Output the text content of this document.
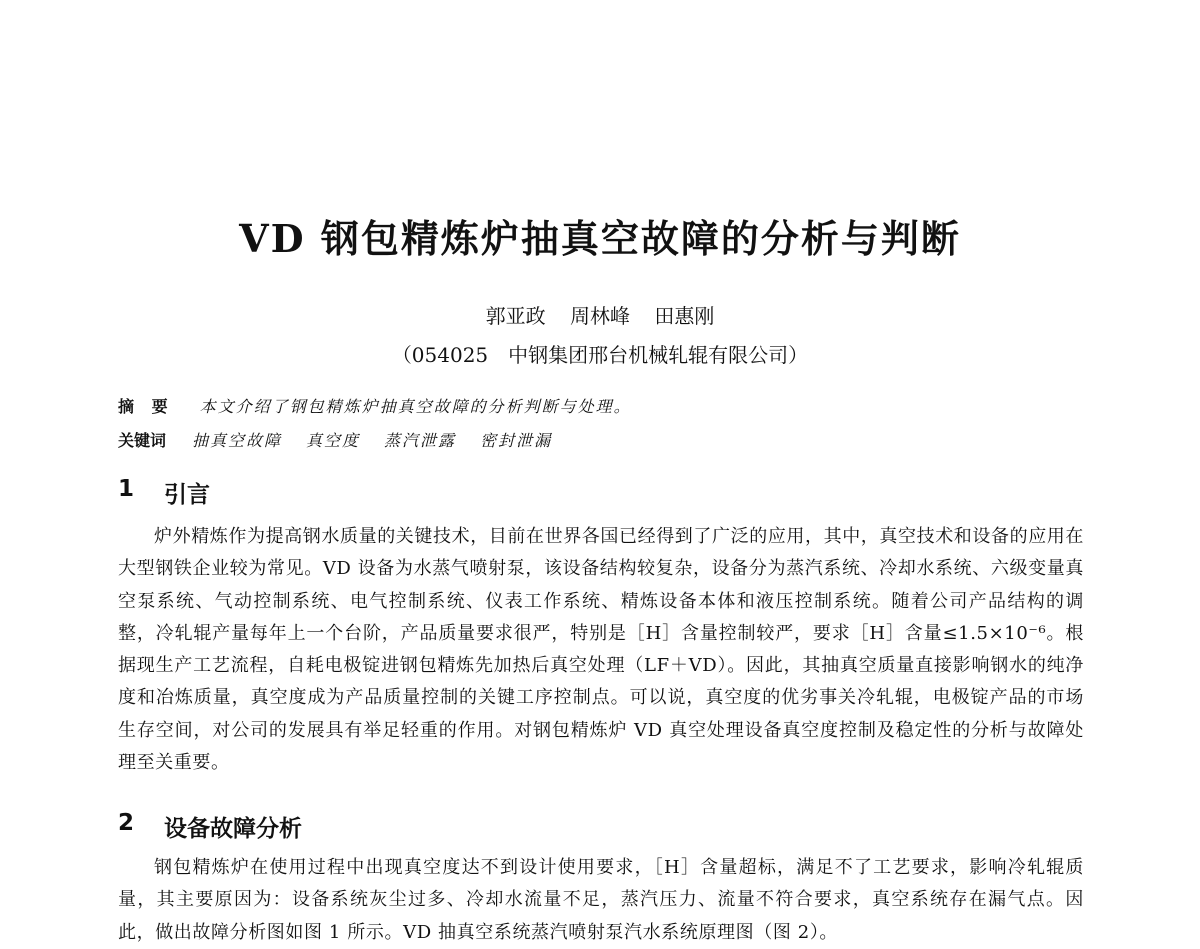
VD 钢包精炼炉抽真空故障的分析与判断
郭亚政 周林峰 田惠刚
（054025　中钢集团邢台机械轧辊有限公司）
摘 要 本文介绍了钢包精炼炉抽真空故障的分析判断与处理。
关键词 抽真空故障 真空度 蒸汽泄露 密封泄漏
1 引言

炉外精炼作为提高钢水质量的关键技术，目前在世界各国已经得到了广泛的应用，其中，真空技术和设备的应用在大型钢铁企业较为常见。VD 设备为水蒸气喷射泵，该设备结构较复杂，设备分为蒸汽系统、冷却水系统、六级变量真空泵系统、气动控制系统、电气控制系统、仪表工作系统、精炼设备本体和液压控制系统。随着公司产品结构的调整，冷轧辊产量每年上一个台阶，产品质量要求很严，特别是［H］含量控制较严，要求［H］含量≤1.5×10⁻⁶。根据现生产工艺流程，自耗电极锭进钢包精炼先加热后真空处理（LF＋VD）。因此，其抽真空质量直接影响钢水的纯净度和冶炼质量，真空度成为产品质量控制的关键工序控制点。可以说，真空度的优劣事关冷轧辊，电极锭产品的市场生存空间，对公司的发展具有举足轻重的作用。对钢包精炼炉 VD 真空处理设备真空度控制及稳定性的分析与故障处理至关重要。

2 设备故障分析

钢包精炼炉在使用过程中出现真空度达不到设计使用要求，［H］含量超标，满足不了工艺要求，影响冷轧辊质量，其主要原因为：设备系统灰尘过多、冷却水流量不足，蒸汽压力、流量不符合要求，真空系统存在漏气点。因此，做出故障分析图如图 1 所示。VD 抽真空系统蒸汽喷射泵汽水系统原理图（图 2）。
